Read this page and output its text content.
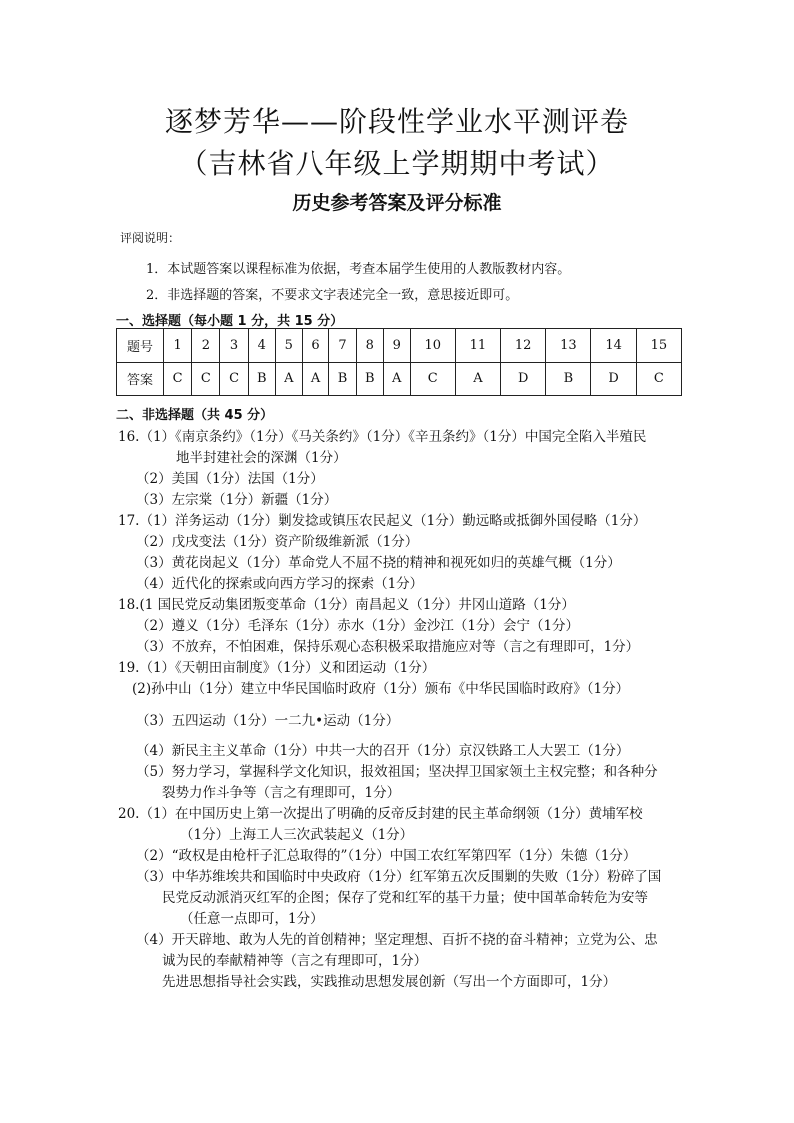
逐梦芳华——阶段性学业水平测评卷
（吉林省八年级上学期期中考试）
历史参考答案及评分标准
评阅说明：
1．本试题答案以课程标准为依据，考查本届学生使用的人教版教材内容。
2．非选择题的答案，不要求文字表述完全一致，意思接近即可。
一、选择题（每小题 1 分，共 15 分）
题号	1	2	3	4	5	6	7	8	9	10	11	12	13	14	15
答案	C	C	C	B	A	A	B	B	A	C	A	D	B	D	C
二、非选择题（共 45 分）
16.（1）《南京条约》（1分）《马关条约》（1分）《辛丑条约》（1分）中国完全陷入半殖民
地半封建社会的深渊（1分）
（2）美国（1分）法国（1分）
（3）左宗棠（1分）新疆（1分）
17.（1）洋务运动（1分）剿发捻或镇压农民起义（1分）勤远略或抵御外国侵略（1分）
（2）戊戌变法（1分）资产阶级维新派（1分）
（3）黄花岗起义（1分）革命党人不屈不挠的精神和视死如归的英雄气概（1分）
（4）近代化的探索或向西方学习的探索（1分）
18.(1 国民党反动集团叛变革命（1分）南昌起义（1分）井冈山道路（1分）
（2）遵义（1分）毛泽东（1分）赤水（1分）金沙江（1分）会宁（1分）
（3）不放弃，不怕困难，保持乐观心态积极采取措施应对等（言之有理即可，1分）
19.（1）《天朝田亩制度》（1分）义和团运动（1分）
(2)孙中山（1分）建立中华民国临时政府（1分）颁布《中华民国临时政府》（1分）
（3）五四运动（1分）一二九•运动（1分）
（4）新民主主义革命（1分）中共一大的召开（1分）京汉铁路工人大罢工（1分）
（5）努力学习，掌握科学文化知识，报效祖国；坚决捍卫国家领土主权完整；和各种分
裂势力作斗争等（言之有理即可，1分）
20.（1）在中国历史上第一次提出了明确的反帝反封建的民主革命纲领（1分）黄埔军校
（1分）上海工人三次武装起义（1分）
（2）“政权是由枪杆子汇总取得的”（1分）中国工农红军第四军（1分）朱德（1分）
（3）中华苏维埃共和国临时中央政府（1分）红军第五次反围剿的失败（1分）粉碎了国
民党反动派消灭红军的企图；保存了党和红军的基干力量；使中国革命转危为安等
（任意一点即可，1分）
（4）开天辟地、敢为人先的首创精神；坚定理想、百折不挠的奋斗精神；立党为公、忠
诚为民的奉献精神等（言之有理即可，1分）
先进思想指导社会实践，实践推动思想发展创新（写出一个方面即可，1分）
